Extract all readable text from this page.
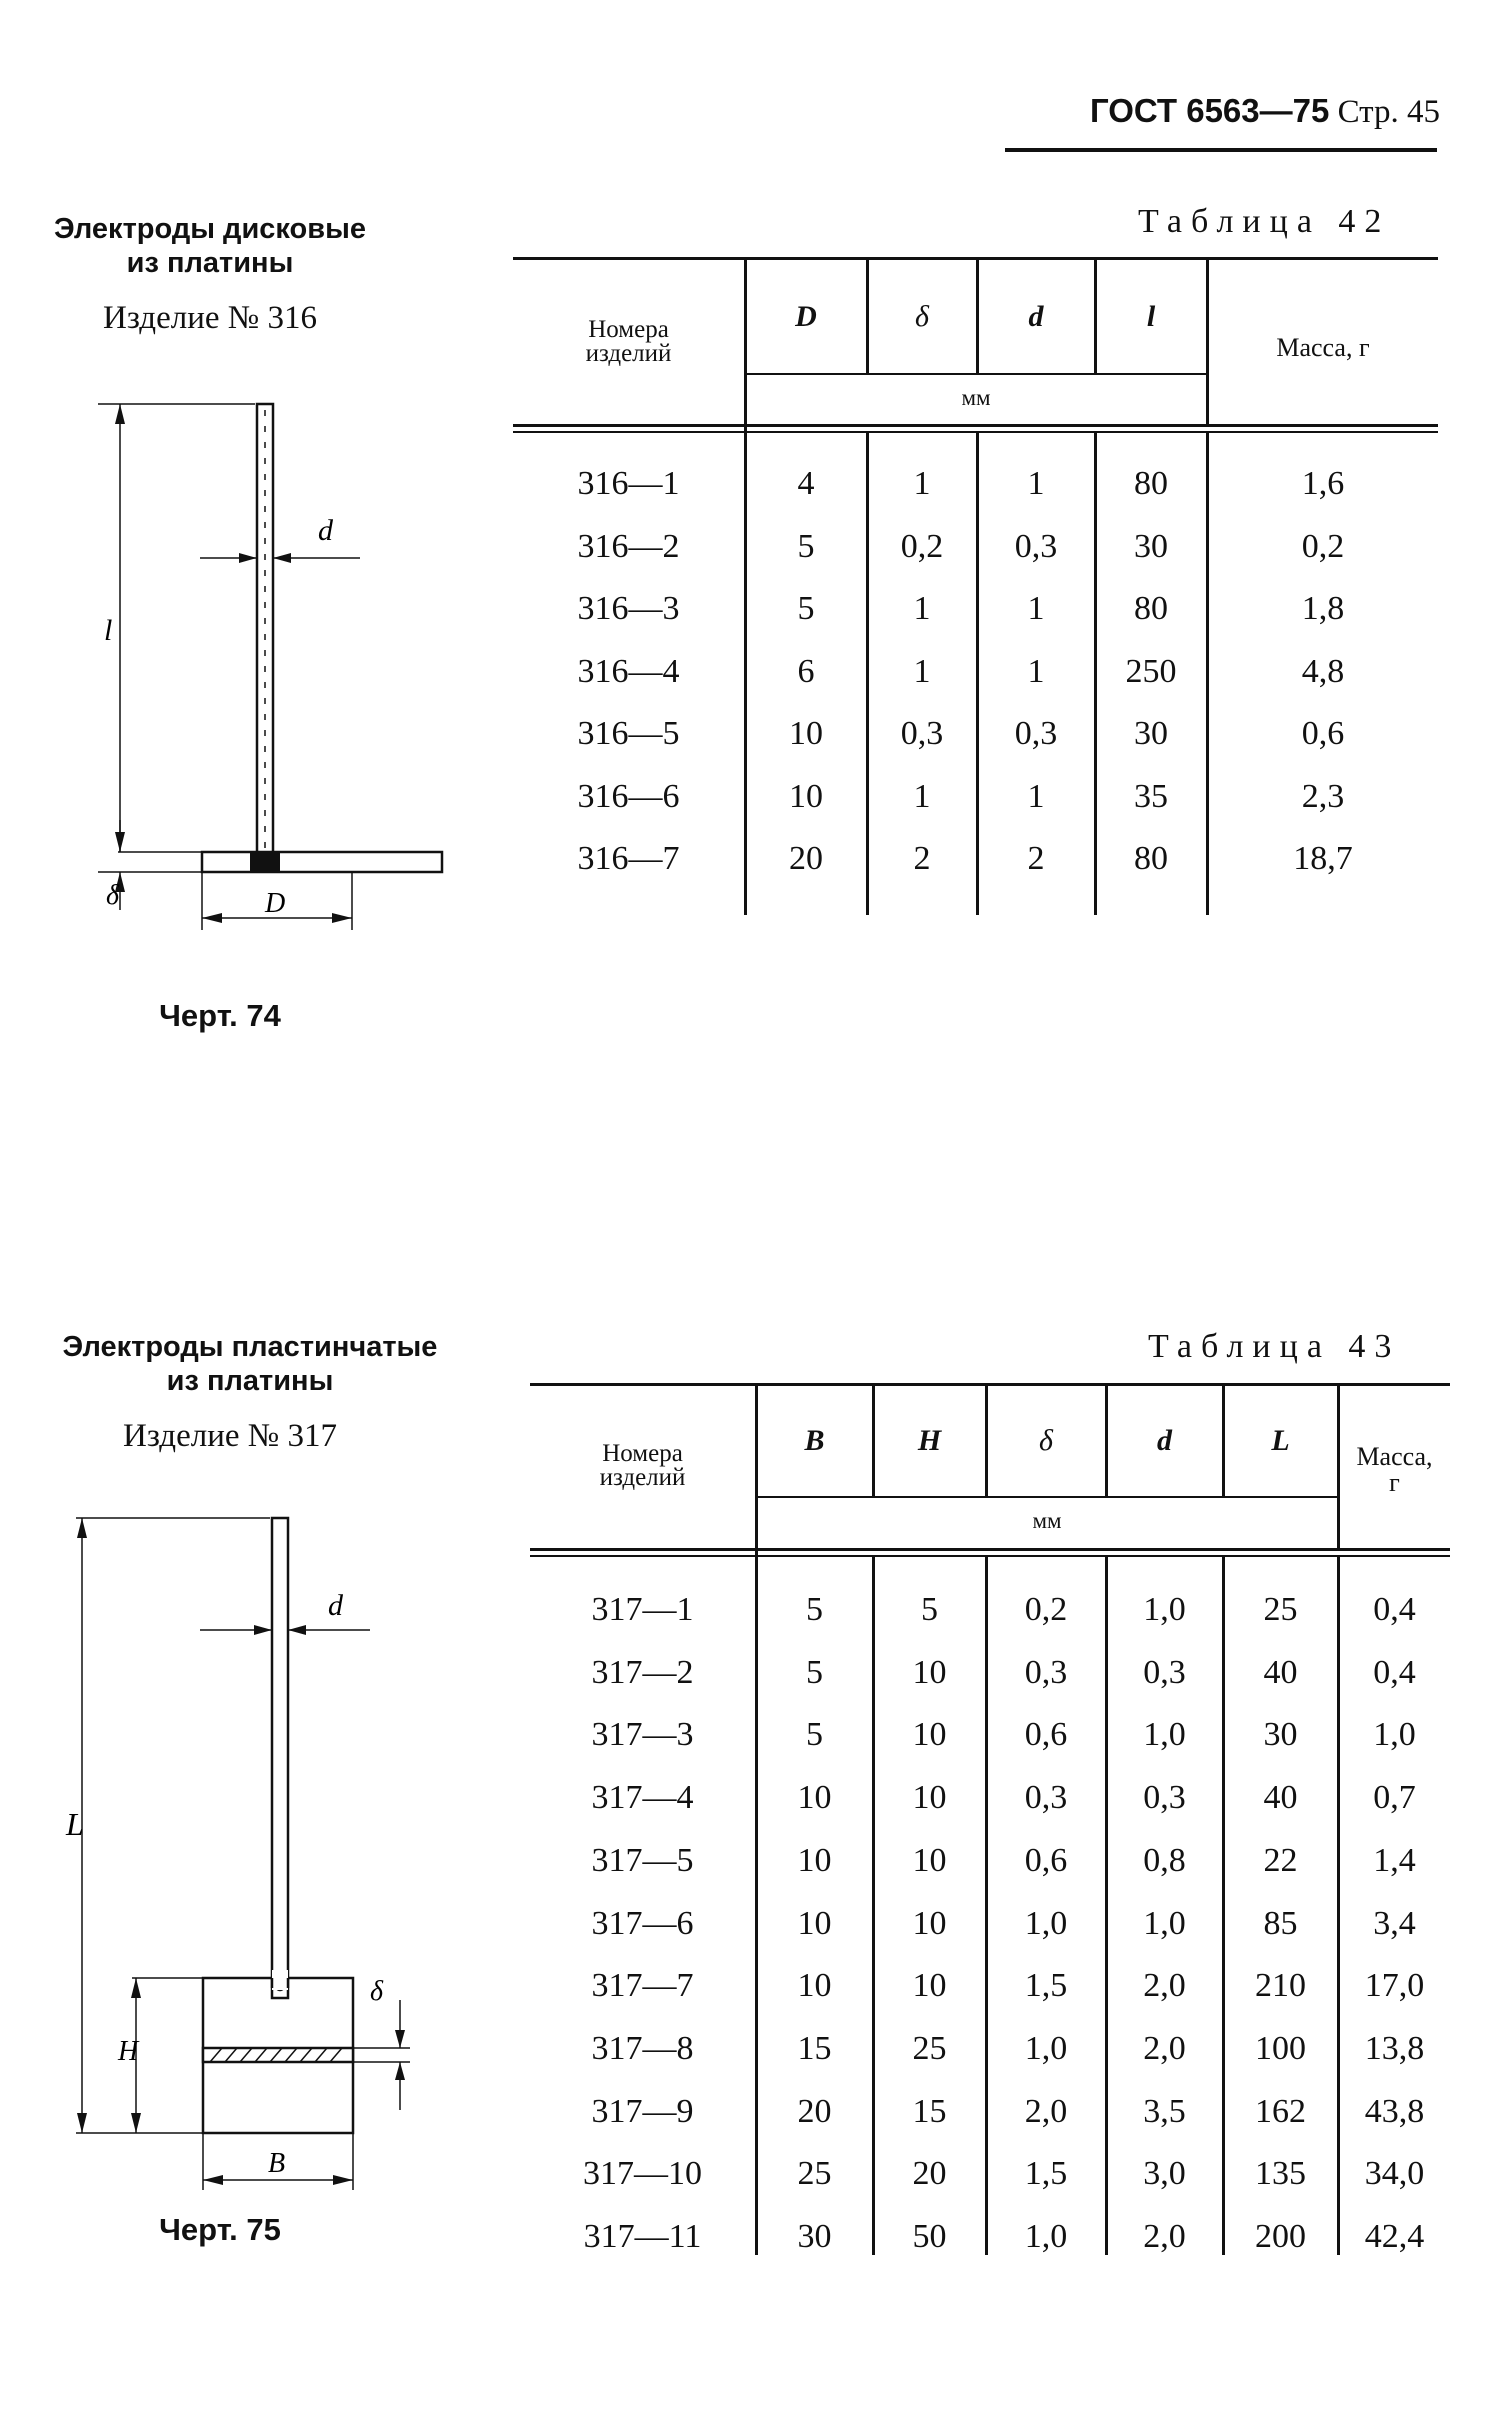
ГОСТ 6563—75 Стр. 45
Электроды дисковые
из платины
Изделие № 316
l
d
δ	D
Черт. 74
Таблица 42
Номера
изделий
D	δ	d	l
мм
Масса, г
316—1	4	1	1	80	1,6
316—2	5	0,2	0,3	30	0,2
316—3	5	1	1	80	1,8
316—4	6	1	1	250	4,8
316—5	10	0,3	0,3	30	0,6
316—6	10	1	1	35	2,3
316—7	20	2	2	80	18,7
Электроды пластинчатые
из платины
Изделие № 317
L
d
δ
H
B
Черт. 75
Таблица 43
Номера
изделий
B	H	δ	d	L
мм
Масса,
г
317—1	5	5	0,2	1,0	25	0,4
317—2	5	10	0,3	0,3	40	0,4
317—3	5	10	0,6	1,0	30	1,0
317—4	10	10	0,3	0,3	40	0,7
317—5	10	10	0,6	0,8	22	1,4
317—6	10	10	1,0	1,0	85	3,4
317—7	10	10	1,5	2,0	210	17,0
317—8	15	25	1,0	2,0	100	13,8
317—9	20	15	2,0	3,5	162	43,8
317—10	25	20	1,5	3,0	135	34,0
317—11	30	50	1,0	2,0	200	42,4
